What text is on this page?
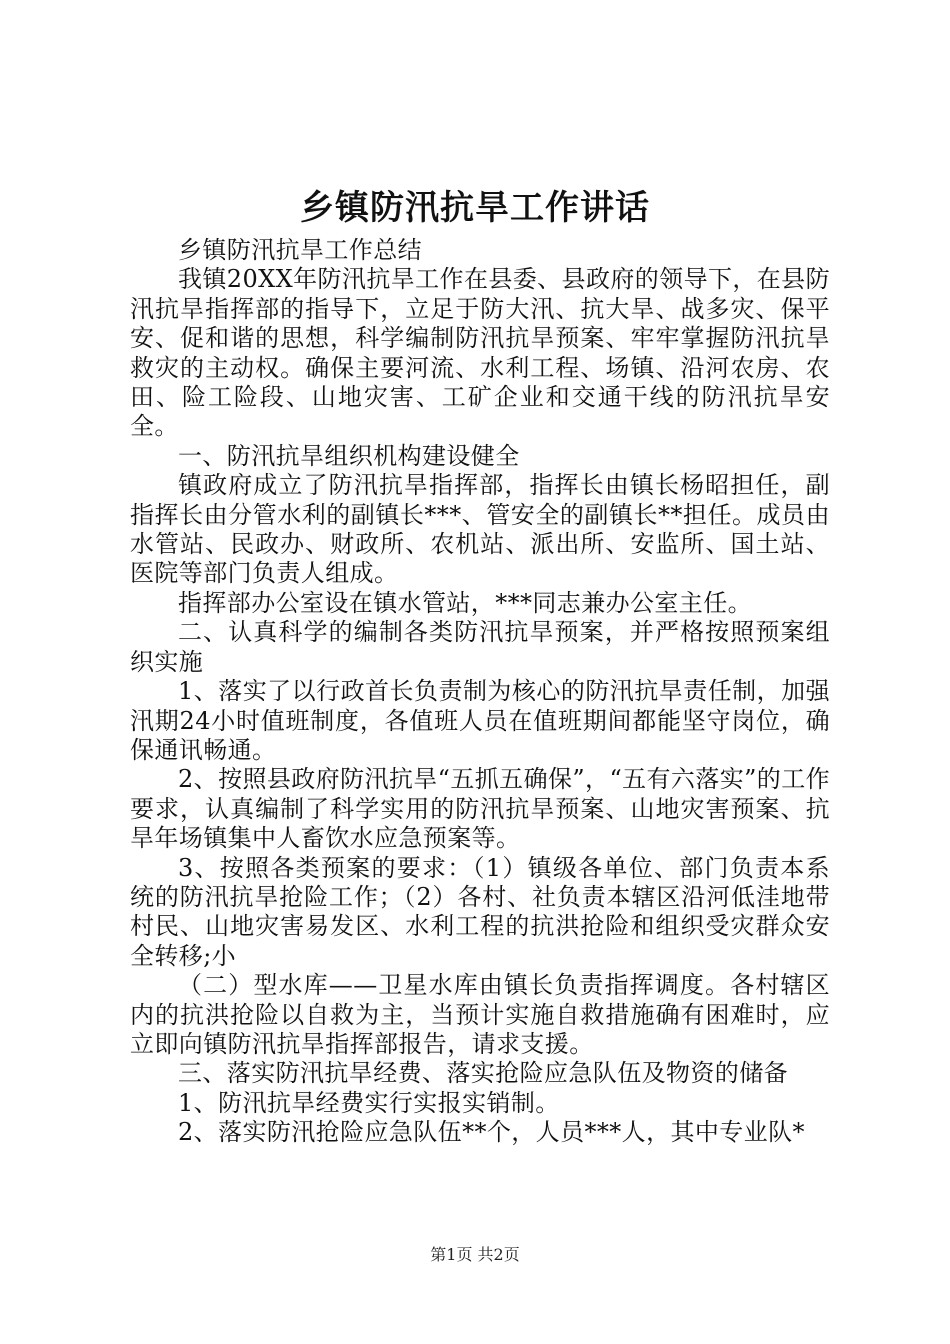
乡镇防汛抗旱工作讲话

乡镇防汛抗旱工作总结

我镇20XX年防汛抗旱工作在县委、县政府的领导下，在县防汛抗旱指挥部的指导下，立足于防大汛、抗大旱、战多灾、保平安、促和谐的思想，科学编制防汛抗旱预案、牢牢掌握防汛抗旱救灾的主动权。确保主要河流、水利工程、场镇、沿河农房、农田、险工险段、山地灾害、工矿企业和交通干线的防汛抗旱安全。

一、防汛抗旱组织机构建设健全

镇政府成立了防汛抗旱指挥部，指挥长由镇长杨昭担任，副指挥长由分管水利的副镇长***、管安全的副镇长**担任。成员由水管站、民政办、财政所、农机站、派出所、安监所、国土站、医院等部门负责人组成。

指挥部办公室设在镇水管站，***同志兼办公室主任。

二、认真科学的编制各类防汛抗旱预案，并严格按照预案组织实施

1、落实了以行政首长负责制为核心的防汛抗旱责任制，加强汛期24小时值班制度，各值班人员在值班期间都能坚守岗位，确保通讯畅通。

2、按照县政府防汛抗旱“五抓五确保”，“五有六落实”的工作要求，认真编制了科学实用的防汛抗旱预案、山地灾害预案、抗旱年场镇集中人畜饮水应急预案等。

3、按照各类预案的要求：（1）镇级各单位、部门负责本系统的防汛抗旱抢险工作；（2）各村、社负责本辖区沿河低洼地带村民、山地灾害易发区、水利工程的抗洪抢险和组织受灾群众安全转移;小

（二）型水库——卫星水库由镇长负责指挥调度。各村辖区内的抗洪抢险以自救为主，当预计实施自救措施确有困难时，应立即向镇防汛抗旱指挥部报告，请求支援。

三、落实防汛抗旱经费、落实抢险应急队伍及物资的储备

1、防汛抗旱经费实行实报实销制。

2、落实防汛抢险应急队伍**个，人员***人，其中专业队*

第1页 共2页
